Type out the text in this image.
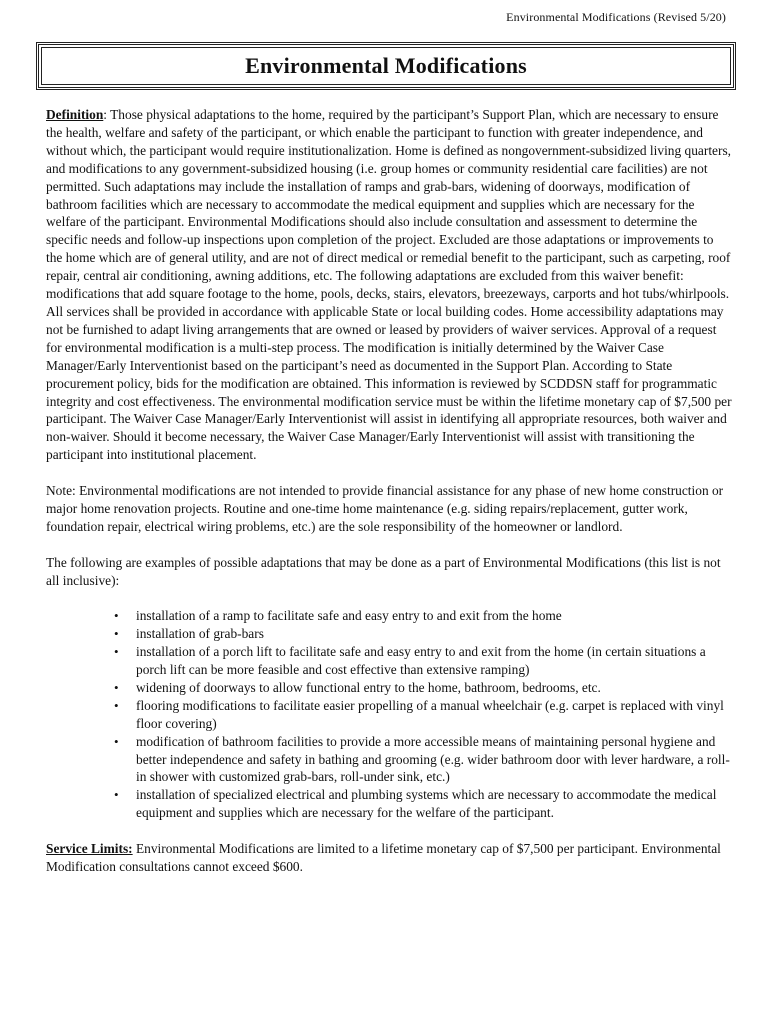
Environmental Modifications (Revised 5/20)
Environmental Modifications

Definition: Those physical adaptations to the home, required by the participant’s Support Plan, which are necessary to ensure the health, welfare and safety of the participant, or which enable the participant to function with greater independence, and without which, the participant would require institutionalization. Home is defined as nongovernment-subsidized living quarters, and modifications to any government-subsidized housing (i.e. group homes or community residential care facilities) are not permitted. Such adaptations may include the installation of ramps and grab-bars, widening of doorways, modification of bathroom facilities which are necessary to accommodate the medical equipment and supplies which are necessary for the welfare of the participant. Environmental Modifications should also include consultation and assessment to determine the specific needs and follow-up inspections upon completion of the project. Excluded are those adaptations or improvements to the home which are of general utility, and are not of direct medical or remedial benefit to the participant, such as carpeting, roof repair, central air conditioning, awning additions, etc. The following adaptations are excluded from this waiver benefit: modifications that add square footage to the home, pools, decks, stairs, elevators, breezeways, carports and hot tubs/whirlpools. All services shall be provided in accordance with applicable State or local building codes. Home accessibility adaptations may not be furnished to adapt living arrangements that are owned or leased by providers of waiver services. Approval of a request for environmental modification is a multi-step process. The modification is initially determined by the Waiver Case Manager/Early Interventionist based on the participant’s need as documented in the Support Plan. According to State procurement policy, bids for the modification are obtained. This information is reviewed by SCDDSN staff for programmatic integrity and cost effectiveness. The environmental modification service must be within the lifetime monetary cap of $7,500 per participant. The Waiver Case Manager/Early Interventionist will assist in identifying all appropriate resources, both waiver and non-waiver. Should it become necessary, the Waiver Case Manager/Early Interventionist will assist with transitioning the participant into institutional placement.

Note: Environmental modifications are not intended to provide financial assistance for any phase of new home construction or major home renovation projects. Routine and one-time home maintenance (e.g. siding repairs/replacement, gutter work, foundation repair, electrical wiring problems, etc.) are the sole responsibility of the homeowner or landlord.

The following are examples of possible adaptations that may be done as a part of Environmental Modifications (this list is not all inclusive):

• installation of a ramp to facilitate safe and easy entry to and exit from the home
• installation of grab-bars
• installation of a porch lift to facilitate safe and easy entry to and exit from the home (in certain situations a porch lift can be more feasible and cost effective than extensive ramping)
• widening of doorways to allow functional entry to the home, bathroom, bedrooms, etc.
• flooring modifications to facilitate easier propelling of a manual wheelchair (e.g. carpet is replaced with vinyl floor covering)
• modification of bathroom facilities to provide a more accessible means of maintaining personal hygiene and better independence and safety in bathing and grooming (e.g. wider bathroom door with lever hardware, a roll-in shower with customized grab-bars, roll-under sink, etc.)
• installation of specialized electrical and plumbing systems which are necessary to accommodate the medical equipment and supplies which are necessary for the welfare of the participant.

Service Limits: Environmental Modifications are limited to a lifetime monetary cap of $7,500 per participant. Environmental Modification consultations cannot exceed $600.
